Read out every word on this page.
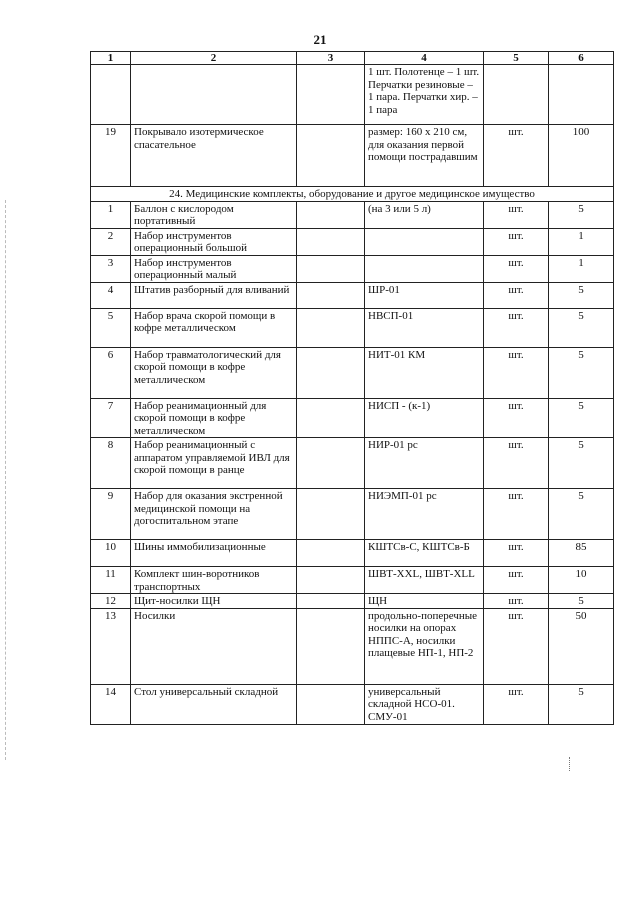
21
1	2	3	4	5	6
			1 шт. Полотенце – 1 шт. Перчатки резиновые – 1 пара. Перчатки хир. – 1 пара		
19	Покрывало изотермическое спасательное		размер: 160 х 210 см, для оказания первой помощи пострадавшим	шт.	100
24. Медицинские комплекты, оборудование и другое медицинское имущество					
1	Баллон с кислородом портативный		(на 3 или 5 л)	шт.	5
2	Набор инструментов операционный большой			шт.	1
3	Набор инструментов операционный малый			шт.	1
4	Штатив разборный для вливаний		ШР-01	шт.	5
5	Набор врача скорой помощи в кофре металлическом		НВСП-01	шт.	5
6	Набор травматологический для скорой помощи в кофре металлическом		НИТ-01 КМ	шт.	5
7	Набор реанимационный для скорой помощи в кофре металлическом		НИСП - (к-1)	шт.	5
8	Набор реанимационный с аппаратом управляемой ИВЛ для скорой помощи в ранце		НИР-01 рс	шт.	5
9	Набор для оказания экстренной медицинской помощи на догоспитальном этапе		НИЭМП-01 рс	шт.	5
10	Шины иммобилизационные		КШТСв-С, КШТСв-Б	шт.	85
11	Комплект шин-воротников транспортных		ШВТ-XXL, ШВТ-XLL	шт.	10
12	Щит-носилки ЩН		ЩН	шт.	5
13	Носилки		продольно-поперечные носилки на опорах НППС-А, носилки плащевые НП-1, НП-2	шт.	50
14	Стол универсальный складной		универсальный складной НСО-01. СМУ-01	шт.	5
